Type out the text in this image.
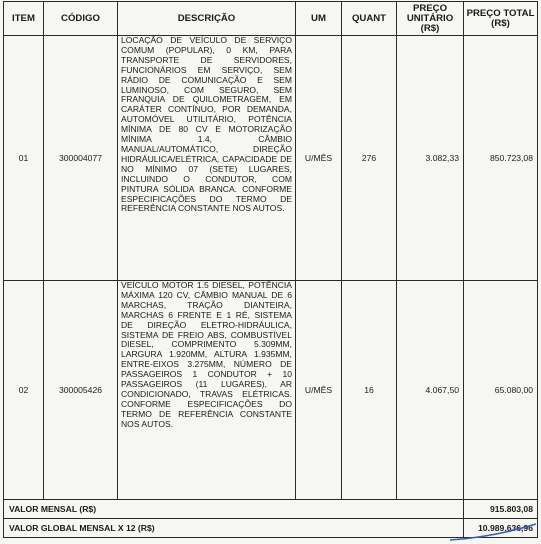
ITEM	CÓDIGO	DESCRIÇÃO	UM	QUANT	PREÇO UNITÁRIO (R$)	PREÇO TOTAL (R$)
01	300004077	LOCAÇÃO DE VEÍCULO DE SERVIÇO COMUM (POPULAR), 0 KM, PARA TRANSPORTE DE SERVIDORES, FUNCIONÁRIOS EM SERVIÇO, SEM RÁDIO DE COMUNICAÇÃO E SEM LUMINOSO, COM SEGURO, SEM FRANQUIA DE QUILOMETRAGEM, EM CARÁTER CONTÍNUO, POR DEMANDA, AUTOMÓVEL UTILITÁRIO, POTÊNCIA MÍNIMA DE 80 CV E MOTORIZAÇÃO MÍNIMA 1.4, CÂMBIO MANUAL/AUTOMÁTICO, DIREÇÃO HIDRÁULICA/ELÉTRICA, CAPACIDADE DE NO MÍNIMO 07 (SETE) LUGARES, INCLUINDO O CONDUTOR, COM PINTURA SÓLIDA BRANCA. CONFORME ESPECIFICAÇÕES DO TERMO DE REFERÊNCIA CONSTANTE NOS AUTOS.	U/MÊS	276	3.082,33	850.723,08
02	300005426	VEÍCULO MOTOR 1.5 DIESEL, POTÊNCIA MÁXIMA 120 CV, CÂMBIO MANUAL DE 6 MARCHAS, TRAÇÃO DIANTEIRA, MARCHAS 6 FRENTE E 1 RÉ, SISTEMA DE DIREÇÃO ELETRO-HIDRÁULICA, SISTEMA DE FREIO ABS, COMBUSTÍVEL DIESEL, COMPRIMENTO 5.309MM, LARGURA 1.920MM, ALTURA 1.935MM, ENTRE-EIXOS 3.275MM, NÚMERO DE PASSAGEIROS 1 CONDUTOR + 10 PASSAGEIROS (11 LUGARES), AR CONDICIONADO, TRAVAS ELÉTRICAS. CONFORME ESPECIFICAÇÕES DO TERMO DE REFERÊNCIA CONSTANTE NOS AUTOS.	U/MÊS	16	4.067,50	65.080,00
VALOR MENSAL (R$)						915.803,08
VALOR GLOBAL MENSAL X 12 (R$)						10.989.636,96
